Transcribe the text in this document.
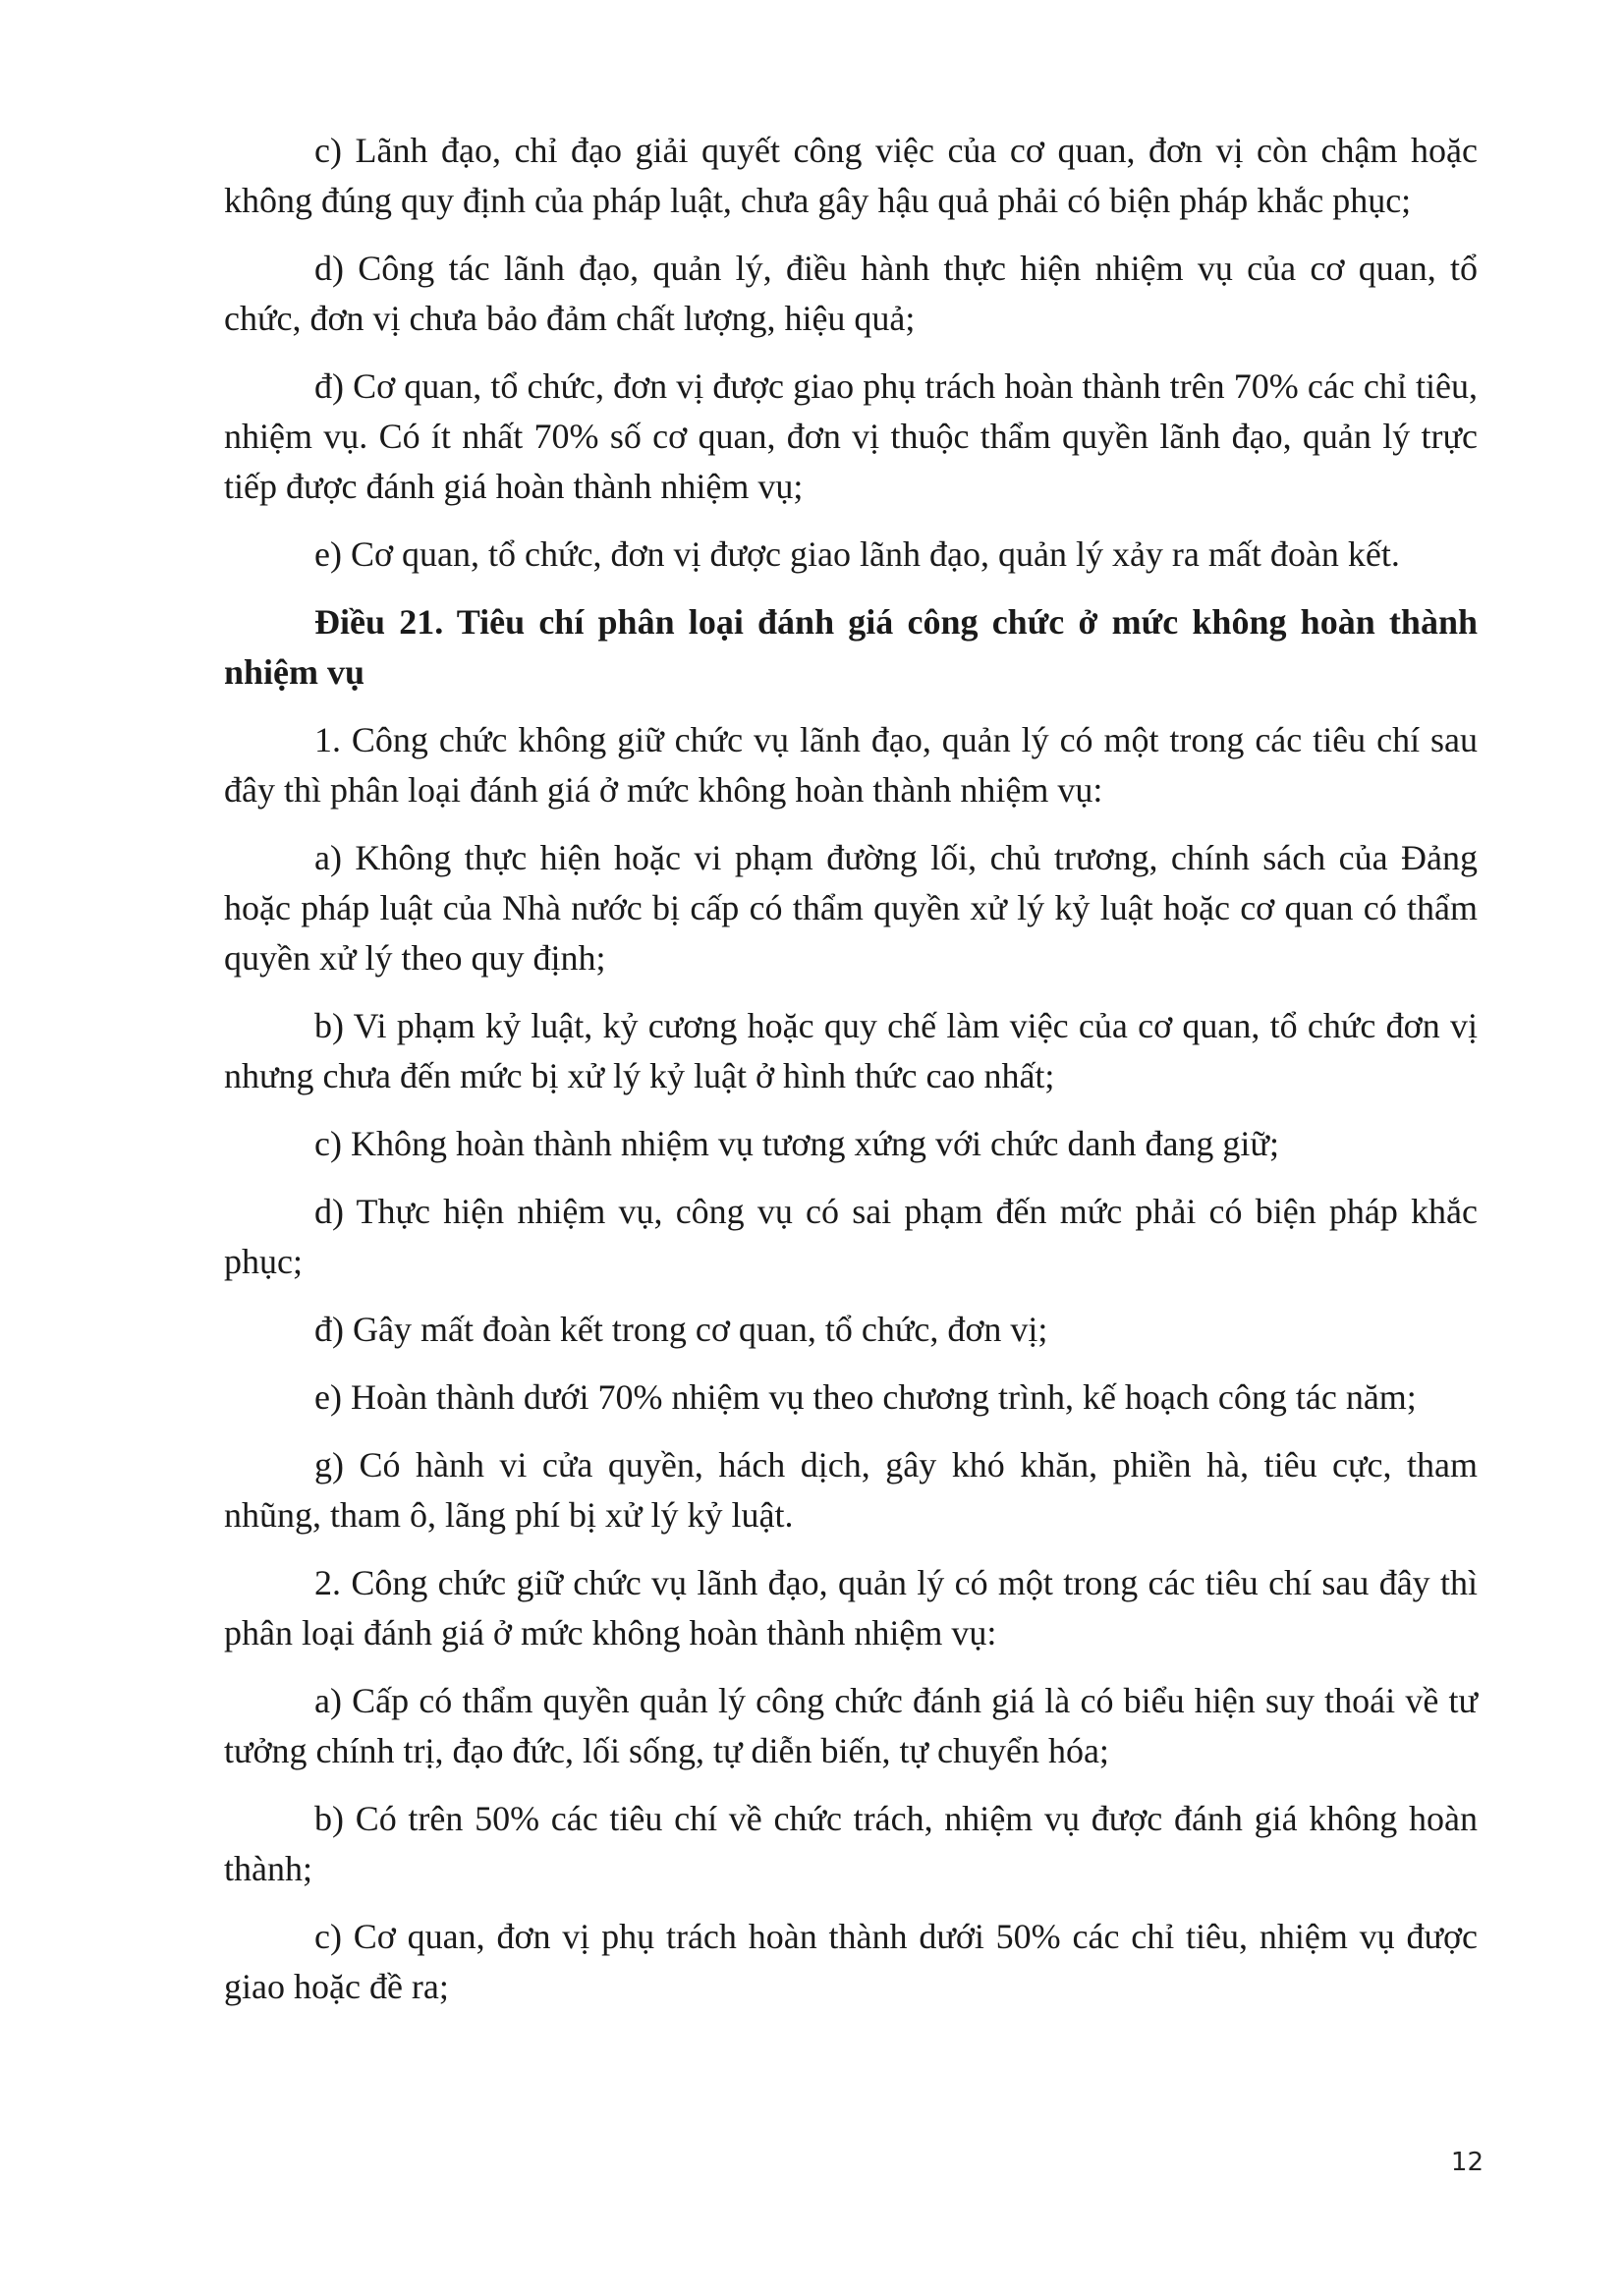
c) Lãnh đạo, chỉ đạo giải quyết công việc của cơ quan, đơn vị còn chậm hoặc không đúng quy định của pháp luật, chưa gây hậu quả phải có biện pháp khắc phục;

d) Công tác lãnh đạo, quản lý, điều hành thực hiện nhiệm vụ của cơ quan, tổ chức, đơn vị chưa bảo đảm chất lượng, hiệu quả;

đ) Cơ quan, tổ chức, đơn vị được giao phụ trách hoàn thành trên 70% các chỉ tiêu, nhiệm vụ. Có ít nhất 70% số cơ quan, đơn vị thuộc thẩm quyền lãnh đạo, quản lý trực tiếp được đánh giá hoàn thành nhiệm vụ;

e) Cơ quan, tổ chức, đơn vị được giao lãnh đạo, quản lý xảy ra mất đoàn kết.

Điều 21. Tiêu chí phân loại đánh giá công chức ở mức không hoàn thành nhiệm vụ

1. Công chức không giữ chức vụ lãnh đạo, quản lý có một trong các tiêu chí sau đây thì phân loại đánh giá ở mức không hoàn thành nhiệm vụ:

a) Không thực hiện hoặc vi phạm đường lối, chủ trương, chính sách của Đảng hoặc pháp luật của Nhà nước bị cấp có thẩm quyền xử lý kỷ luật hoặc cơ quan có thẩm quyền xử lý theo quy định;

b) Vi phạm kỷ luật, kỷ cương hoặc quy chế làm việc của cơ quan, tổ chức đơn vị nhưng chưa đến mức bị xử lý kỷ luật ở hình thức cao nhất;

c) Không hoàn thành nhiệm vụ tương xứng với chức danh đang giữ;

d) Thực hiện nhiệm vụ, công vụ có sai phạm đến mức phải có biện pháp khắc phục;

đ) Gây mất đoàn kết trong cơ quan, tổ chức, đơn vị;

e) Hoàn thành dưới 70% nhiệm vụ theo chương trình, kế hoạch công tác năm;

g) Có hành vi cửa quyền, hách dịch, gây khó khăn, phiền hà, tiêu cực, tham nhũng, tham ô, lãng phí bị xử lý kỷ luật.

2. Công chức giữ chức vụ lãnh đạo, quản lý có một trong các tiêu chí sau đây thì phân loại đánh giá ở mức không hoàn thành nhiệm vụ:

a) Cấp có thẩm quyền quản lý công chức đánh giá là có biểu hiện suy thoái về tư tưởng chính trị, đạo đức, lối sống, tự diễn biến, tự chuyển hóa;

b) Có trên 50% các tiêu chí về chức trách, nhiệm vụ được đánh giá không hoàn thành;

c) Cơ quan, đơn vị phụ trách hoàn thành dưới 50% các chỉ tiêu, nhiệm vụ được giao hoặc đề ra;

12
